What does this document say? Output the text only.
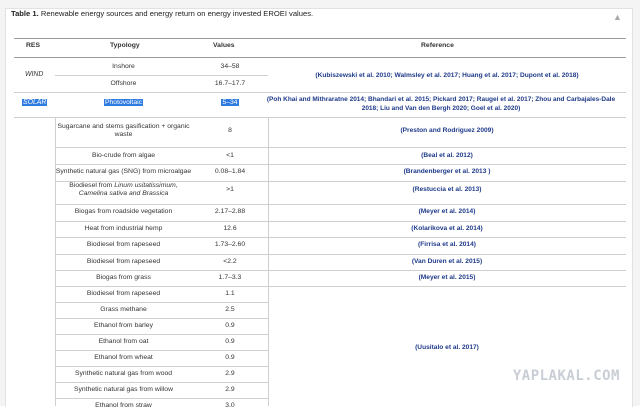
▲
Table 1. Renewable energy sources and energy return on energy invested EROEI values.
RES	Typology	Values	Reference
WIND
Inshore	34–58
Offshore	16.7–17.7
(Kubiszewski et al. 2010; Walmsley et al. 2017; Huang et al. 2017; Dupont et al. 2018)
SOLAR	Photovoltaic	5–34	(Poh Khai and Mithraratne 2014; Bhandari et al. 2015; Pickard 2017; Raugei et al. 2017; Zhou and Carbajales-Dale
2018; Liu and Van den Bergh 2020; Goel et al. 2020)
Sugarcane and stems gasification + organic
waste
8	(Preston and Rodriguez 2009)
Bio-crude from algae	<1	(Beal et al. 2012)
Synthetic natural gas (SNG) from microalgae	0.08–1.84	(Brandenberger et al. 2013 )
Biodiesel from Linum usitatissimum,
Camelina sativa and Brassica
>1	(Restuccia et al. 2013)
Biogas from roadside vegetation	2.17–2.88	(Meyer et al. 2014)
Heat from industrial hemp	12.6	(Kolarikova et al. 2014)
Biodiesel from rapeseed	1.73–2.60	(Firrisa et al. 2014)
Biodiesel from rapeseed	<2.2	(Van Duren et al. 2015)
Biogas from grass	1.7–3.3	(Meyer et al. 2015)
Biodiesel from rapeseed	1.1
Grass methane	2.5
Ethanol from barley	0.9
Ethanol from oat	0.9
Ethanol from wheat	0.9
Synthetic natural gas from wood	2.9
Synthetic natural gas from willow	2.9
Ethanol from straw	3.0
(Uusitalo et al. 2017)
YAPLAKAL.COM
